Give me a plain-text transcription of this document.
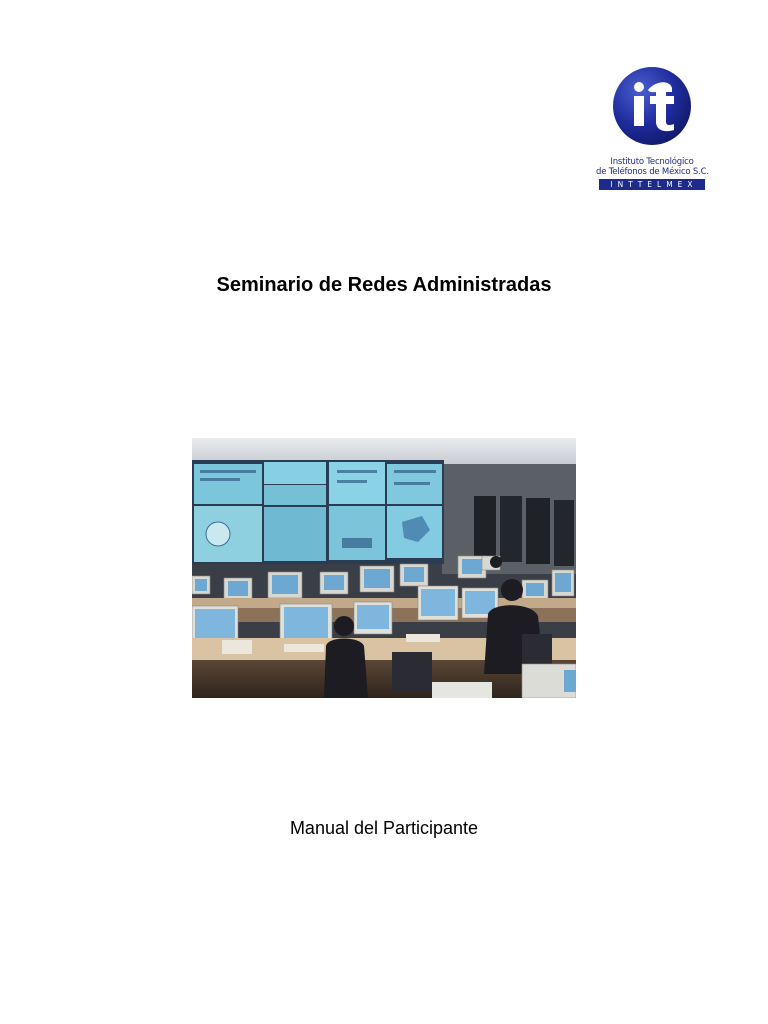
Instituto Tecnológico
de Teléfonos de México S.C.
INTTELMEX
Seminario de Redes Administradas

Manual del Participante
